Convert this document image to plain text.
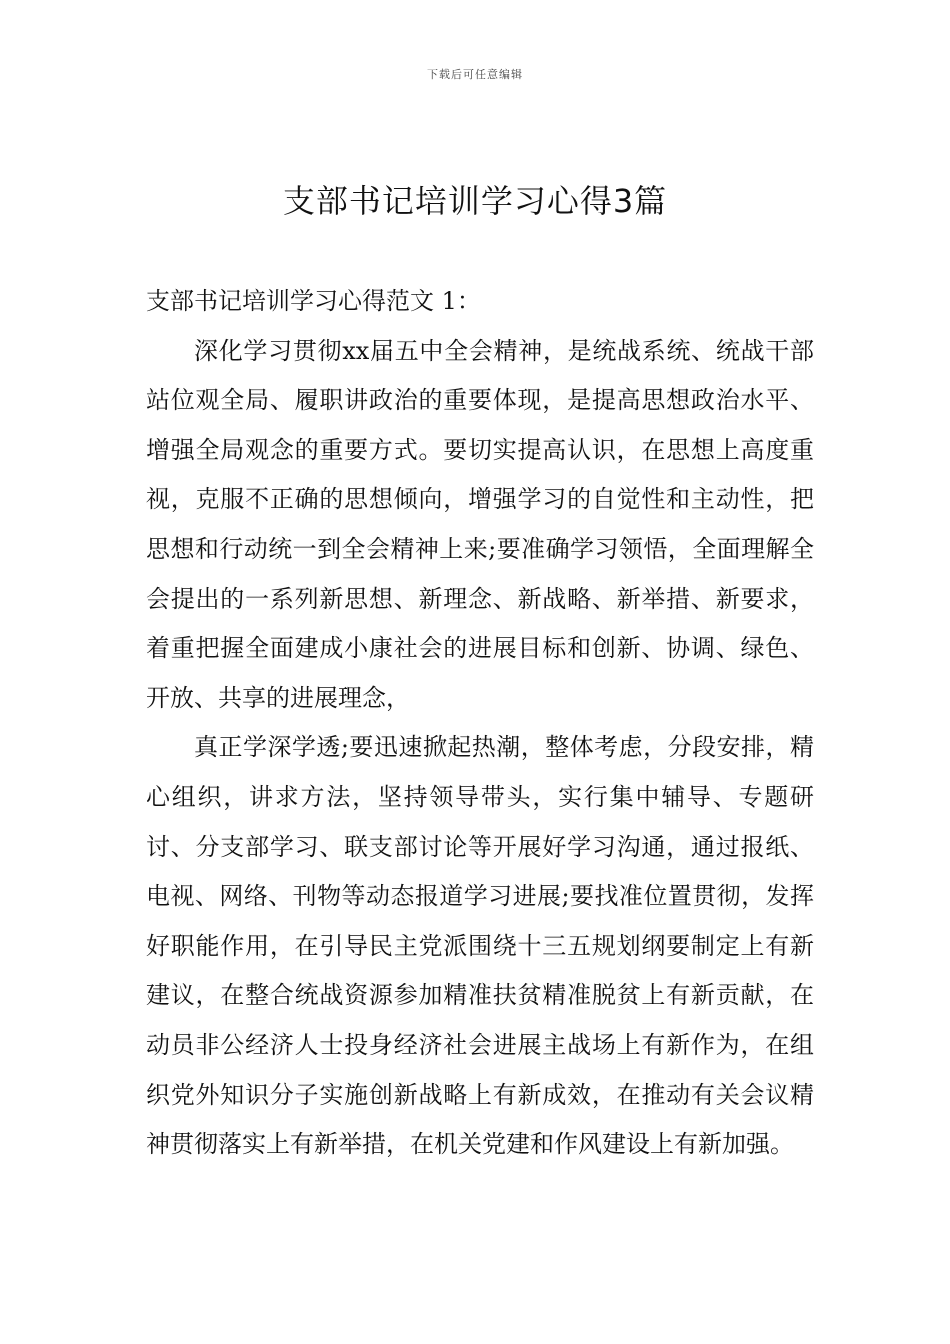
下载后可任意编辑
支部书记培训学习心得3篇

支部书记培训学习心得范文 1：

深化学习贯彻xx届五中全会精神，是统战系统、统战干部站位观全局、履职讲政治的重要体现，是提高思想政治水平、增强全局观念的重要方式。要切实提高认识，在思想上高度重视，克服不正确的思想倾向，增强学习的自觉性和主动性，把思想和行动统一到全会精神上来;要准确学习领悟，全面理解全会提出的一系列新思想、新理念、新战略、新举措、新要求，着重把握全面建成小康社会的进展目标和创新、协调、绿色、开放、共享的进展理念，

真正学深学透;要迅速掀起热潮，整体考虑，分段安排，精心组织，讲求方法，坚持领导带头，实行集中辅导、专题研讨、分支部学习、联支部讨论等开展好学习沟通，通过报纸、电视、网络、刊物等动态报道学习进展;要找准位置贯彻，发挥好职能作用，在引导民主党派围绕十三五规划纲要制定上有新建议，在整合统战资源参加精准扶贫精准脱贫上有新贡献，在动员非公经济人士投身经济社会进展主战场上有新作为，在组织党外知识分子实施创新战略上有新成效，在推动有关会议精神贯彻落实上有新举措，在机关党建和作风建设上有新加强。
